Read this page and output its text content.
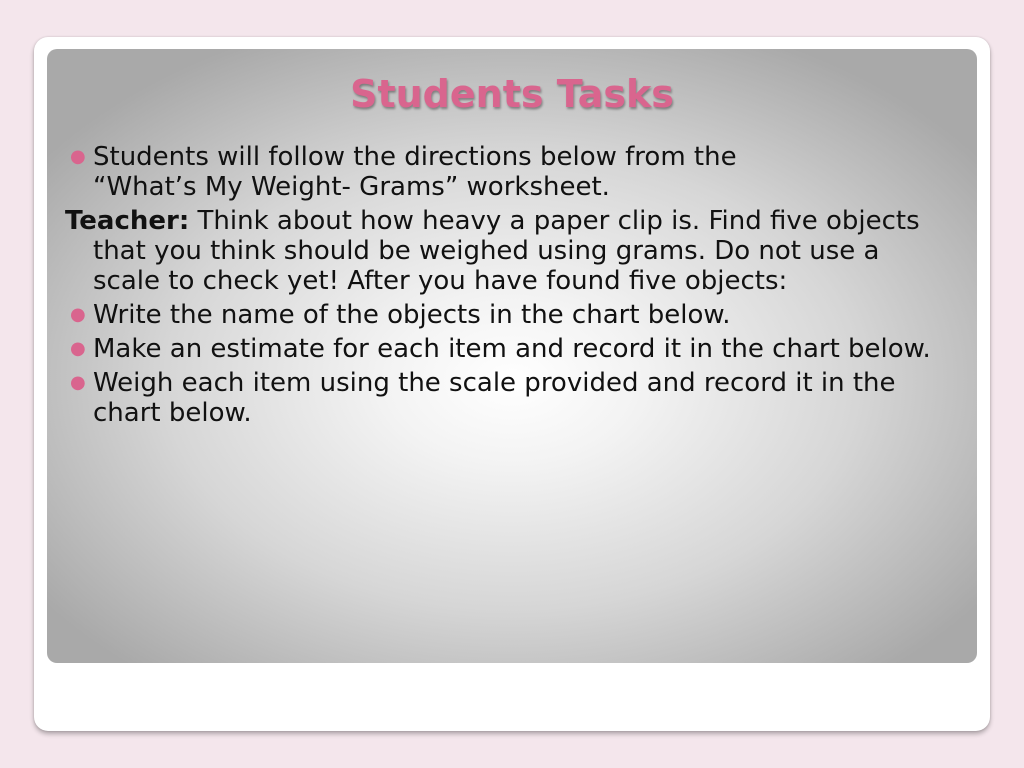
Students Tasks
● Students will follow the directions below from the
“What’s My Weight- Grams” worksheet.
Teacher: Think about how heavy a paper clip is. Find five objects that you think should be weighed using grams. Do not use a scale to check yet! After you have found five objects:
● Write the name of the objects in the chart below.
● Make an estimate for each item and record it in the chart below.
● Weigh each item using the scale provided and record it in the chart below.
